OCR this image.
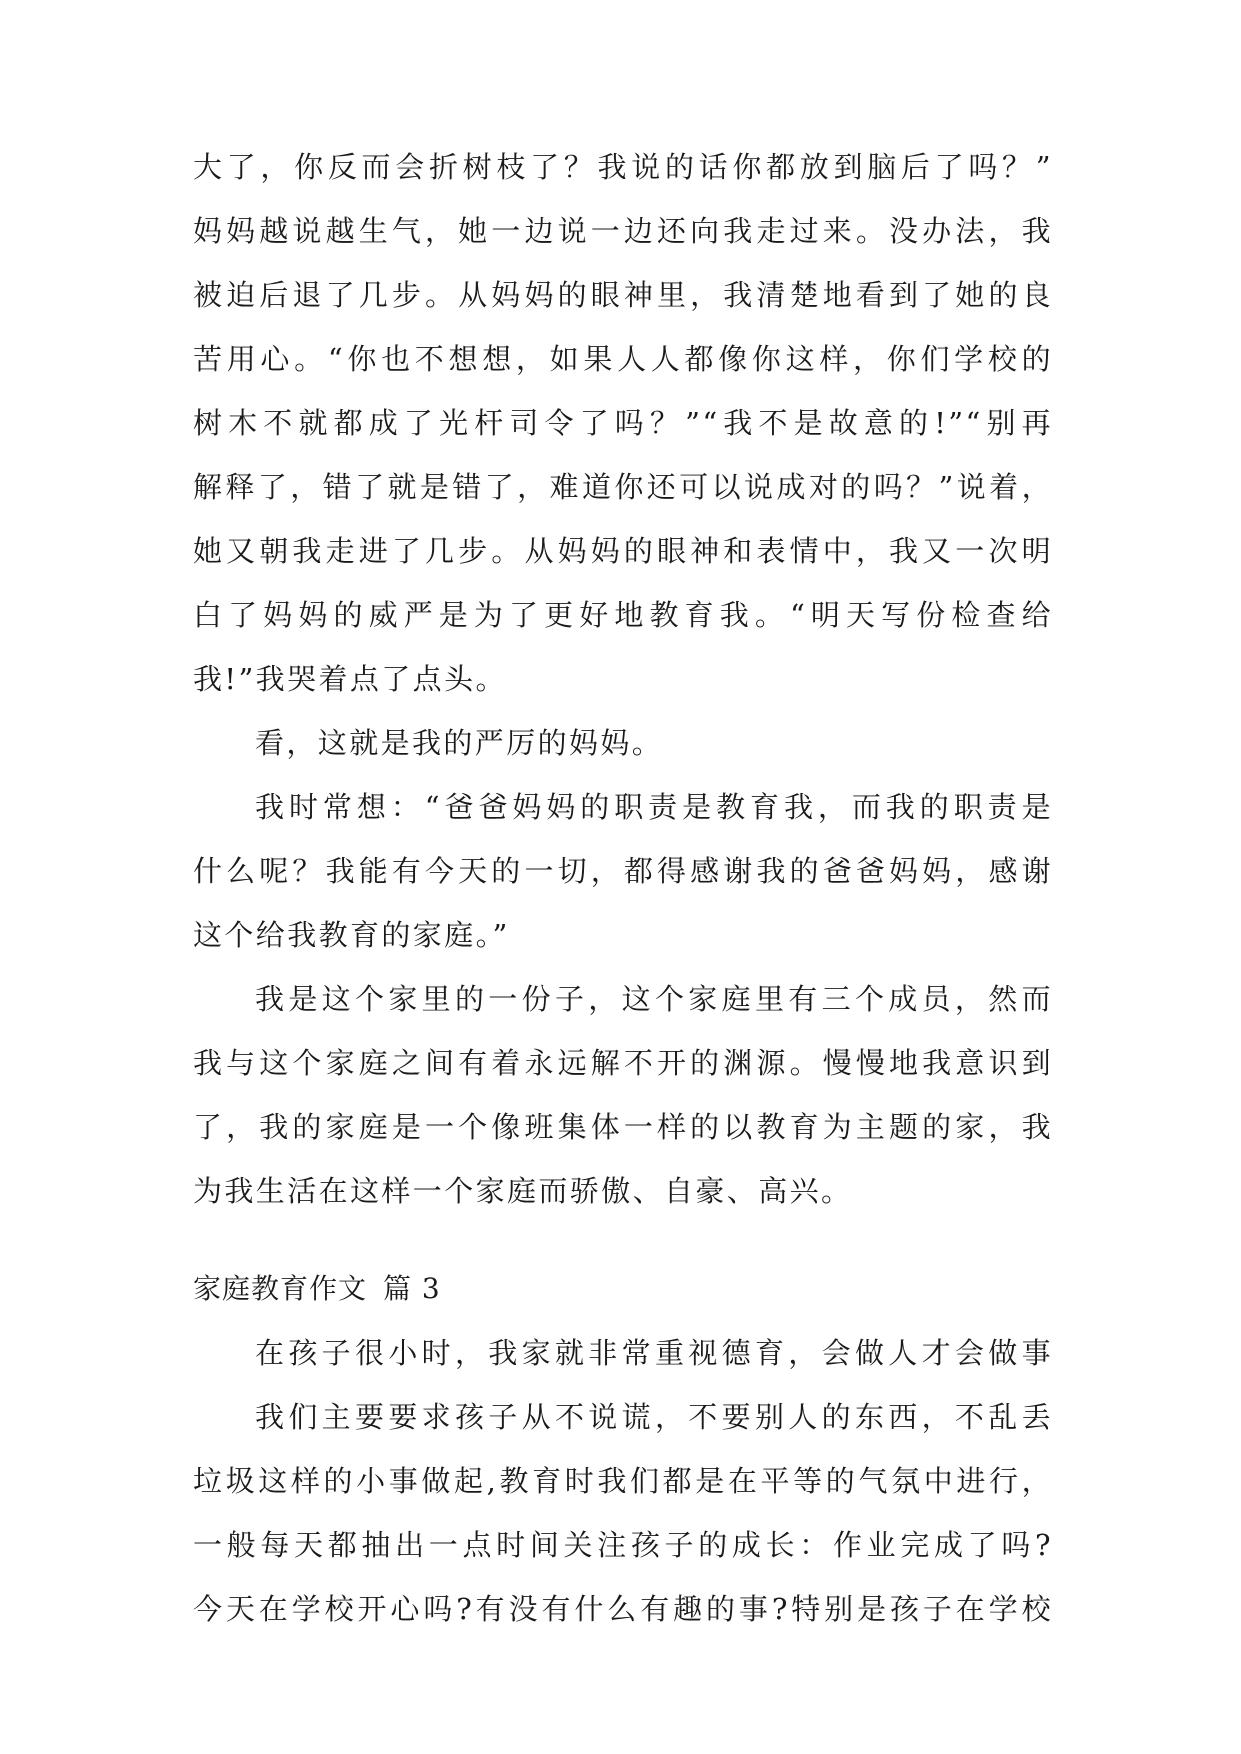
大了，你反而会折树枝了？我说的话你都放到脑后了吗？”
妈妈越说越生气，她一边说一边还向我走过来。没办法，我
被迫后退了几步。从妈妈的眼神里，我清楚地看到了她的良
苦用心。“你也不想想，如果人人都像你这样，你们学校的
树木不就都成了光杆司令了吗？”“我不是故意的!”“别再
解释了，错了就是错了，难道你还可以说成对的吗？”说着，
她又朝我走进了几步。从妈妈的眼神和表情中，我又一次明
白了妈妈的威严是为了更好地教育我。“明天写份检查给
我!”我哭着点了点头。
看，这就是我的严厉的妈妈。
我时常想：“爸爸妈妈的职责是教育我，而我的职责是
什么呢？我能有今天的一切，都得感谢我的爸爸妈妈，感谢
这个给我教育的家庭。”
我是这个家里的一份子，这个家庭里有三个成员，然而
我与这个家庭之间有着永远解不开的渊源。慢慢地我意识到
了，我的家庭是一个像班集体一样的以教育为主题的家，我
为我生活在这样一个家庭而骄傲、自豪、高兴。
家庭教育作文 篇 3
在孩子很小时，我家就非常重视德育，会做人才会做事
我们主要要求孩子从不说谎，不要别人的东西，不乱丢
垃圾这样的小事做起,教育时我们都是在平等的气氛中进行，
一般每天都抽出一点时间关注孩子的成长：作业完成了吗?
今天在学校开心吗?有没有什么有趣的事?特别是孩子在学校
